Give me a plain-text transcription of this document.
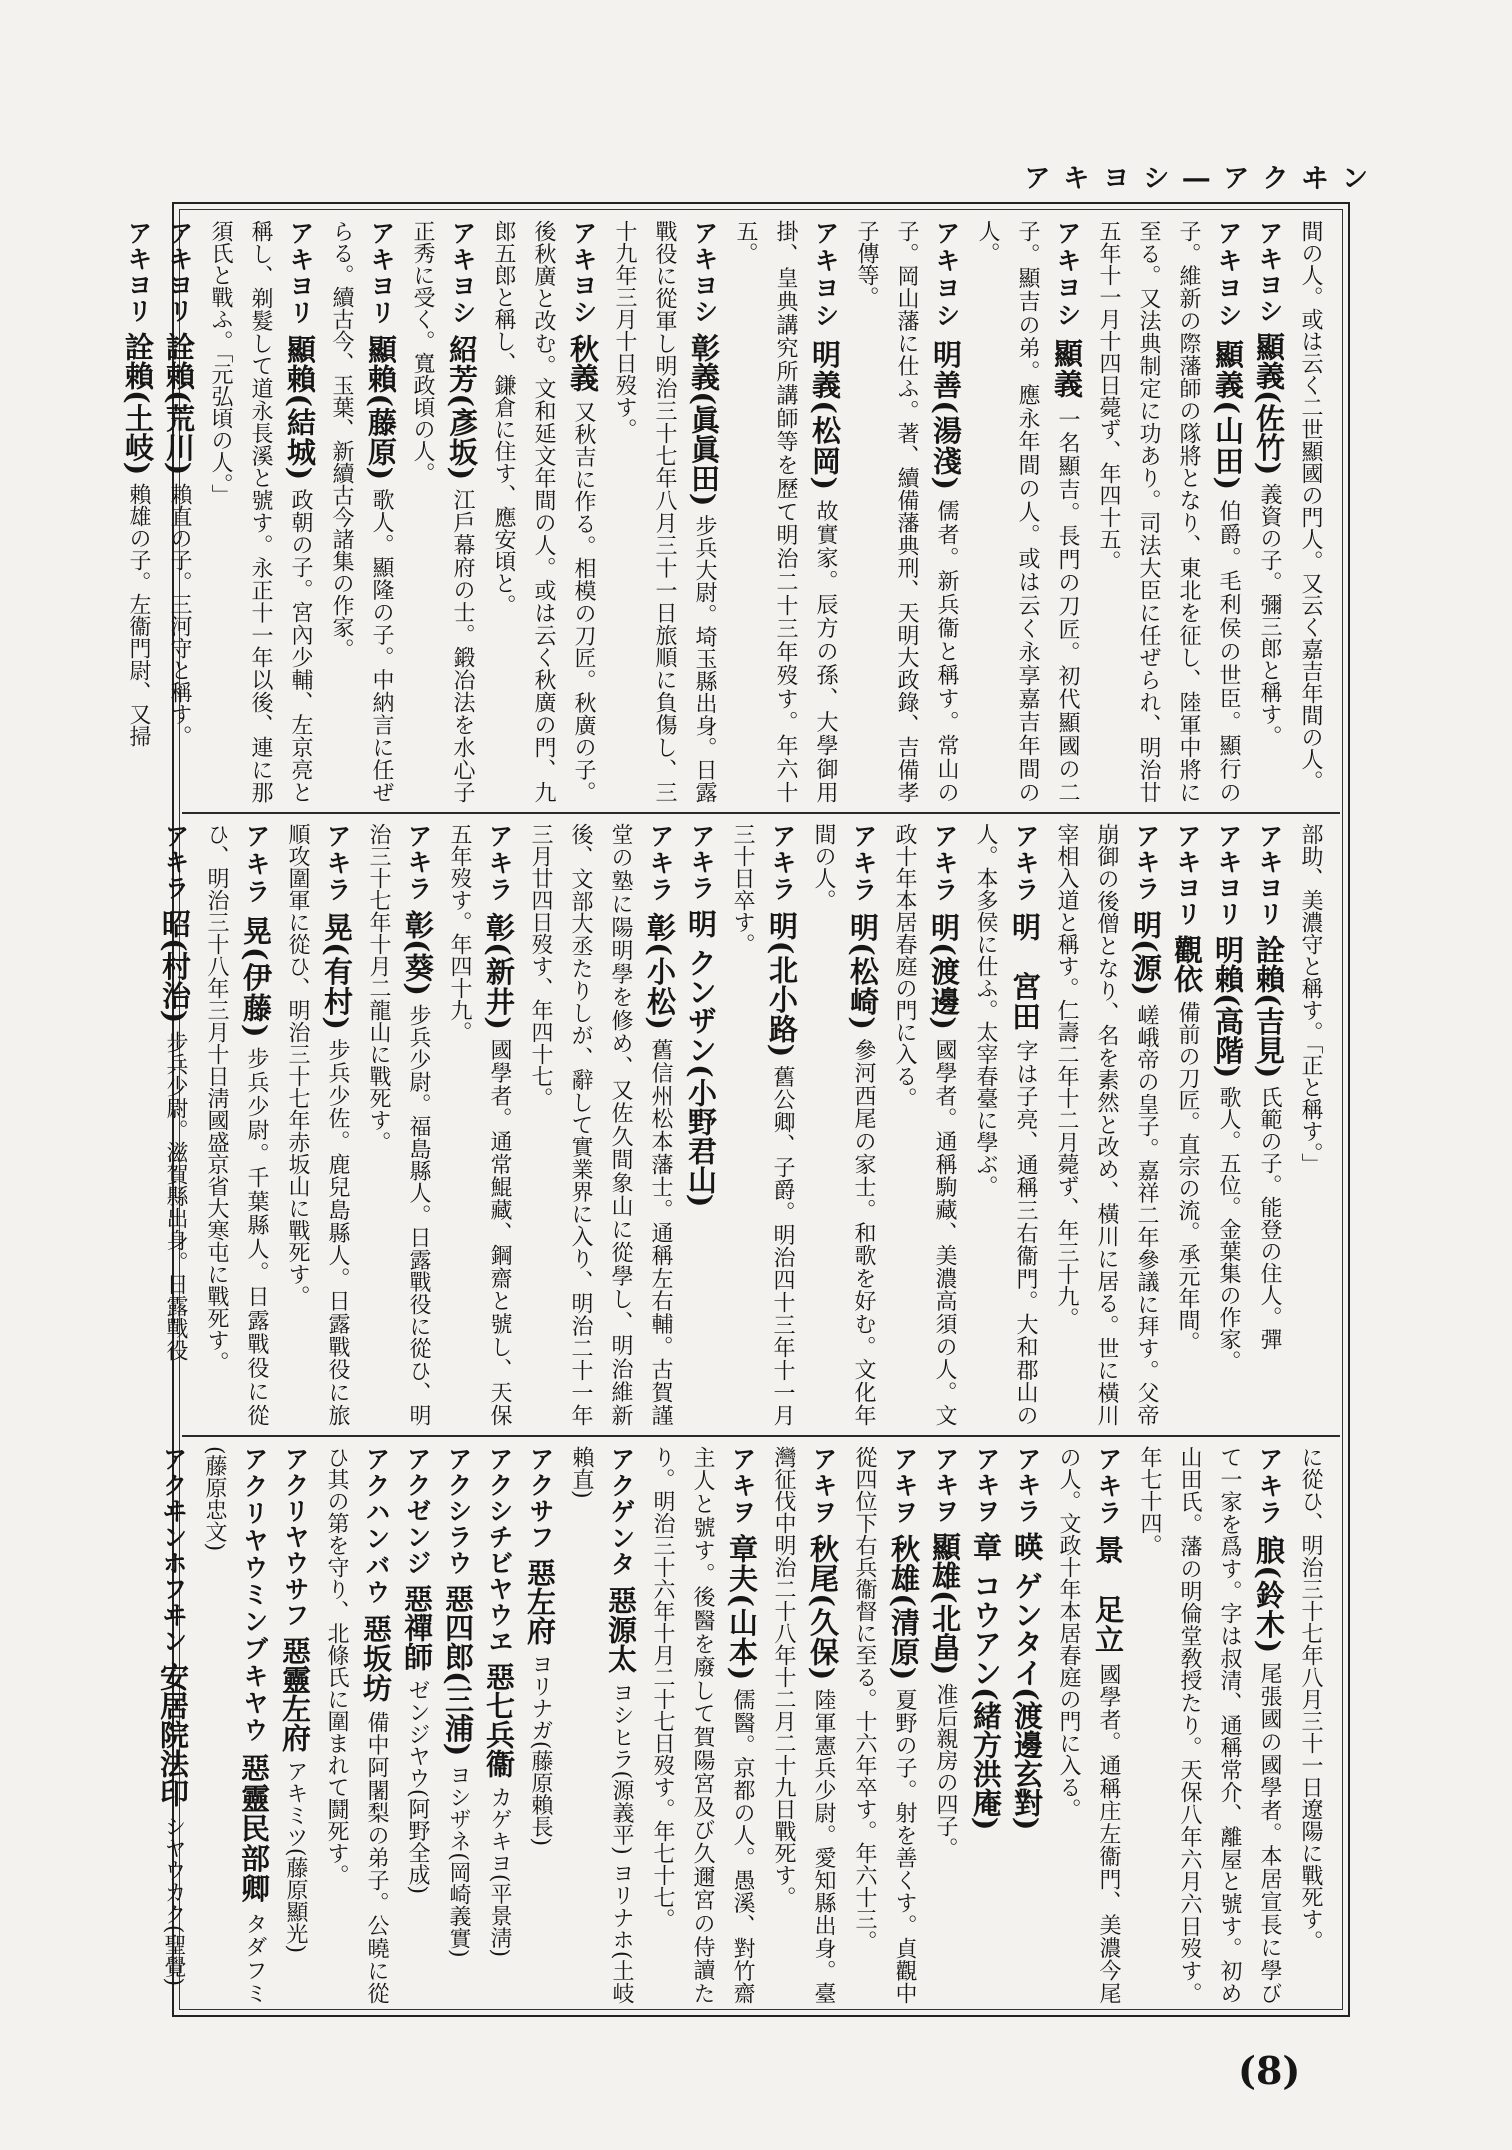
アキヨシ―アクヰン

間の人。或は云く二世顯國の門人。又云く嘉吉年間の人。

アキヨシ 顯義(佐竹) 義資の子。彌三郎と稱す。

アキヨシ 顯義(山田) 伯爵。毛利侯の世臣。顯行の子。維新の際藩師の隊將となり、東北を征し、陸軍中將に至る。又法典制定に功あり。司法大臣に任ぜられ、明治廿五年十一月十四日薨ず、年四十五。

アキヨシ 顯義 一名顯吉。長門の刀匠。初代顯國の二子。顯吉の弟。應永年間の人。或は云く永享嘉吉年間の人。

アキヨシ 明善(湯淺) 儒者。新兵衞と稱す。常山の子。岡山藩に仕ふ。著、續備藩典刑、天明大政錄、吉備孝子傳等。

アキヨシ 明義(松岡) 故實家。辰方の孫、大學御用掛、皇典講究所講師等を歷て明治二十三年歿す。年六十五。

アキヨシ 彰義(眞眞田) 步兵大尉。埼玉縣出身。日露戰役に從軍し明治三十七年八月三十一日旅順に負傷し、三十九年三月十日歿す。

アキヨシ 秋義 又秋吉に作る。相模の刀匠。秋廣の子。後秋廣と改む。文和延文年間の人。或は云く秋廣の門、九郎五郎と稱し、鎌倉に住す、應安頃と。

アキヨシ 紹芳(彥坂) 江戶幕府の士。鍛冶法を水心子正秀に受く。寬政頃の人。

アキヨリ 顯賴(藤原) 歌人。顯隆の子。中納言に任ぜらる。續古今、玉葉、新續古今諸集の作家。

アキヨリ 顯賴(結城) 政朝の子。宮內少輔、左京亮と稱し、剃髮して道永長溪と號す。永正十一年以後、連に那須氏と戰ふ。「元弘頃の人。」

アキヨリ 詮賴(荒川) 賴直の子。三河守と稱す。

アキヨリ 詮賴(土岐) 賴雄の子。左衞門尉、又掃

部助、美濃守と稱す。「正と稱す。」

アキヨリ 詮賴(吉見) 氏範の子。能登の住人。彈

アキヨリ 明賴(高階) 歌人。五位。金葉集の作家。

アキヨリ 觀依 備前の刀匠。直宗の流。承元年間。

アキラ 明(源) 嵯峨帝の皇子。嘉祥二年參議に拜す。父帝崩御の後僧となり、名を素然と改め、橫川に居る。世に橫川宰相入道と稱す。仁壽二年十二月薨ず、年三十九。

アキラ 明　宮田 字は子亮、通稱三右衞門。大和郡山の人。本多侯に仕ふ。太宰春臺に學ぶ。

アキラ 明(渡邊) 國學者。通稱駒藏、美濃高須の人。文政十年本居春庭の門に入る。

アキラ 明(松崎) 參河西尾の家士。和歌を好む。文化年間の人。

アキラ 明(北小路) 舊公卿、子爵。明治四十三年十一月三十日卒す。

アキラ 明 クンザン(小野君山)

アキラ 彰(小松) 舊信州松本藩士。通稱左右輔。古賀謹堂の塾に陽明學を修め、又佐久間象山に從學し、明治維新後、文部大丞たりしが、辭して實業界に入り、明治二十一年三月廿四日歿す、年四十七。

アキラ 彰(新井) 國學者。通常鯤藏、鋼齋と號し、天保五年歿す。年四十九。

アキラ 彰(葵) 步兵少尉。福島縣人。日露戰役に從ひ、明治三十七年十月二龍山に戰死す。

アキラ 晃(有村) 步兵少佐。鹿兒島縣人。日露戰役に旅順攻圍軍に從ひ、明治三十七年赤坂山に戰死す。

アキラ 晃(伊藤) 步兵少尉。千葉縣人。日露戰役に從ひ、明治三十八年三月十日淸國盛京省大寒屯に戰死す。

アキラ 昭(村治) 步兵少尉。滋賀縣出身。日露戰役

に從ひ、明治三十七年八月三十一日遼陽に戰死す。

アキラ 朖(鈴木) 尾張國の國學者。本居宣長に學びて一家を爲す。字は叔清、通稱常介、離屋と號す。初め山田氏。藩の明倫堂敎授たり。天保八年六月六日歿す。年七十四。

アキラ 景　足立 國學者。通稱庄左衞門、美濃今尾の人。文政十年本居春庭の門に入る。

アキラ 暎 ゲンタイ(渡邊玄對)

アキヲ 章 コウアン(緒方洪庵)

アキヲ 顯雄(北畠) 准后親房の四子。

アキヲ 秋雄(清原) 夏野の子。射を善くす。貞觀中從四位下右兵衞督に至る。十六年卒す。年六十三。

アキヲ 秋尾(久保) 陸軍憲兵少尉。愛知縣出身。臺灣征伐中明治二十八年十二月二十九日戰死す。

アキヲ 章夫(山本) 儒醫。京都の人。愚溪、對竹齋主人と號す。後醫を廢して賀陽宮及び久邇宮の侍讀たり。明治三十六年十月二十七日歿す。年七十七。

アクゲンタ 惡源太 ヨシヒラ(源義平) ヨリナホ(土岐賴直)

アクサフ 惡左府 ヨリナガ(藤原賴長)

アクシチビヤウヱ 惡七兵衞 カゲキヨ(平景淸)

アクシラウ 惡四郎(三浦) ヨシザネ(岡崎義實)

アクゼンジ 惡禪師 ゼンジヤウ(阿野全成)

アクハンバウ 惡坂坊 備中阿闍梨の弟子。公曉に從ひ其の第を守り、北條氏に圍まれて鬪死す。

アクリヤウサフ 惡靈左府 アキミツ(藤原顯光)

アクリヤウミンブキヤウ 惡靈民部卿 タダフミ(藤原忠文)

アクヰンホフヰン 安居院法印 シヤウカク(聖覺)

(8)
